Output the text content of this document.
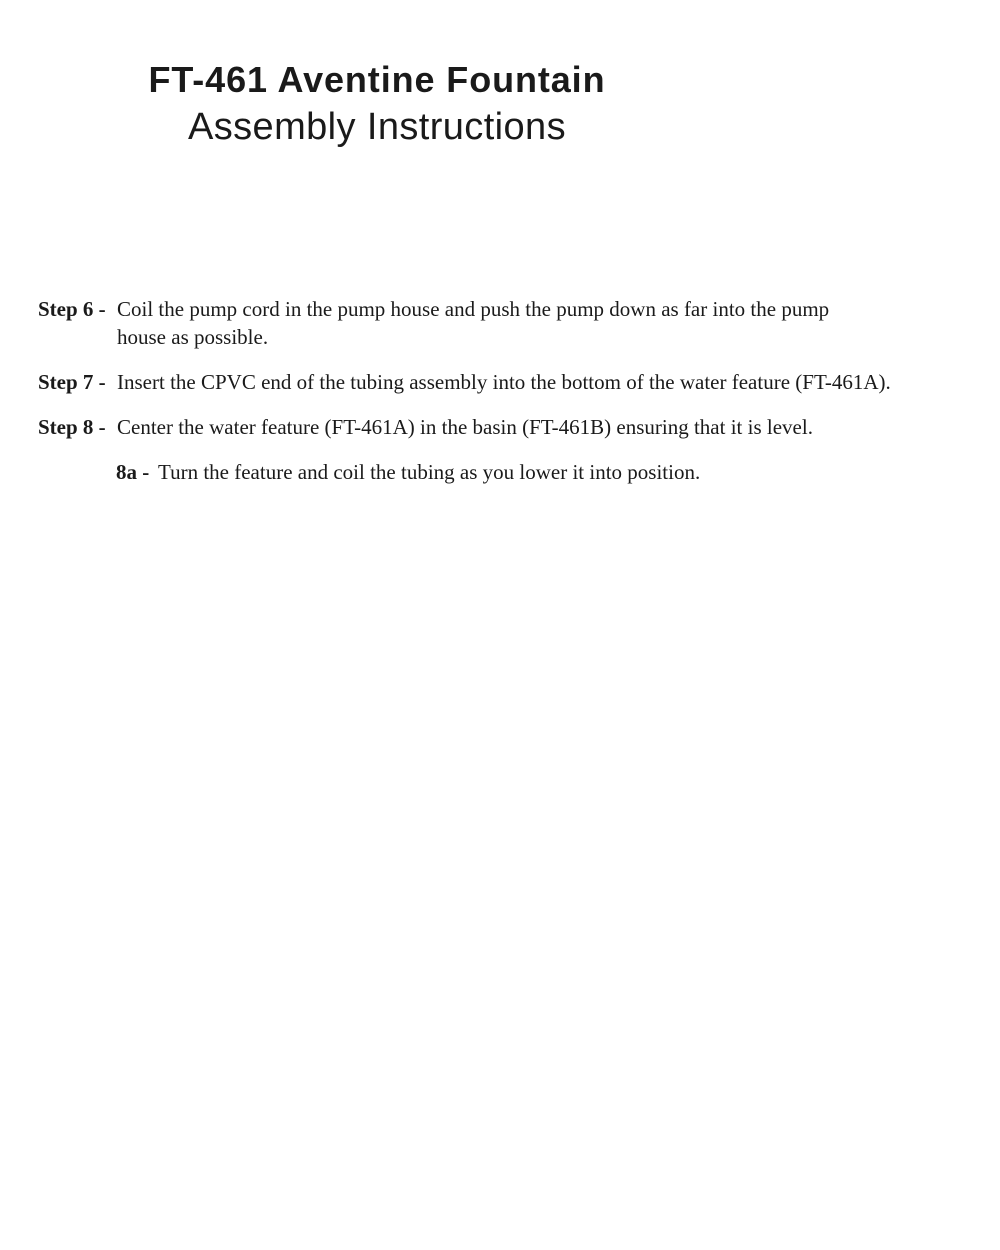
FT-461 Aventine Fountain
Assembly Instructions
Step 6 - Coil the pump cord in the pump house and push the pump down as far into the pump
house as possible.
Step 7 - Insert the CPVC end of the tubing assembly into the bottom of the water feature (FT-461A).
Step 8 - Center the water feature (FT-461A) in the basin (FT-461B) ensuring that it is level.
8a - Turn the feature and coil the tubing as you lower it into position.
